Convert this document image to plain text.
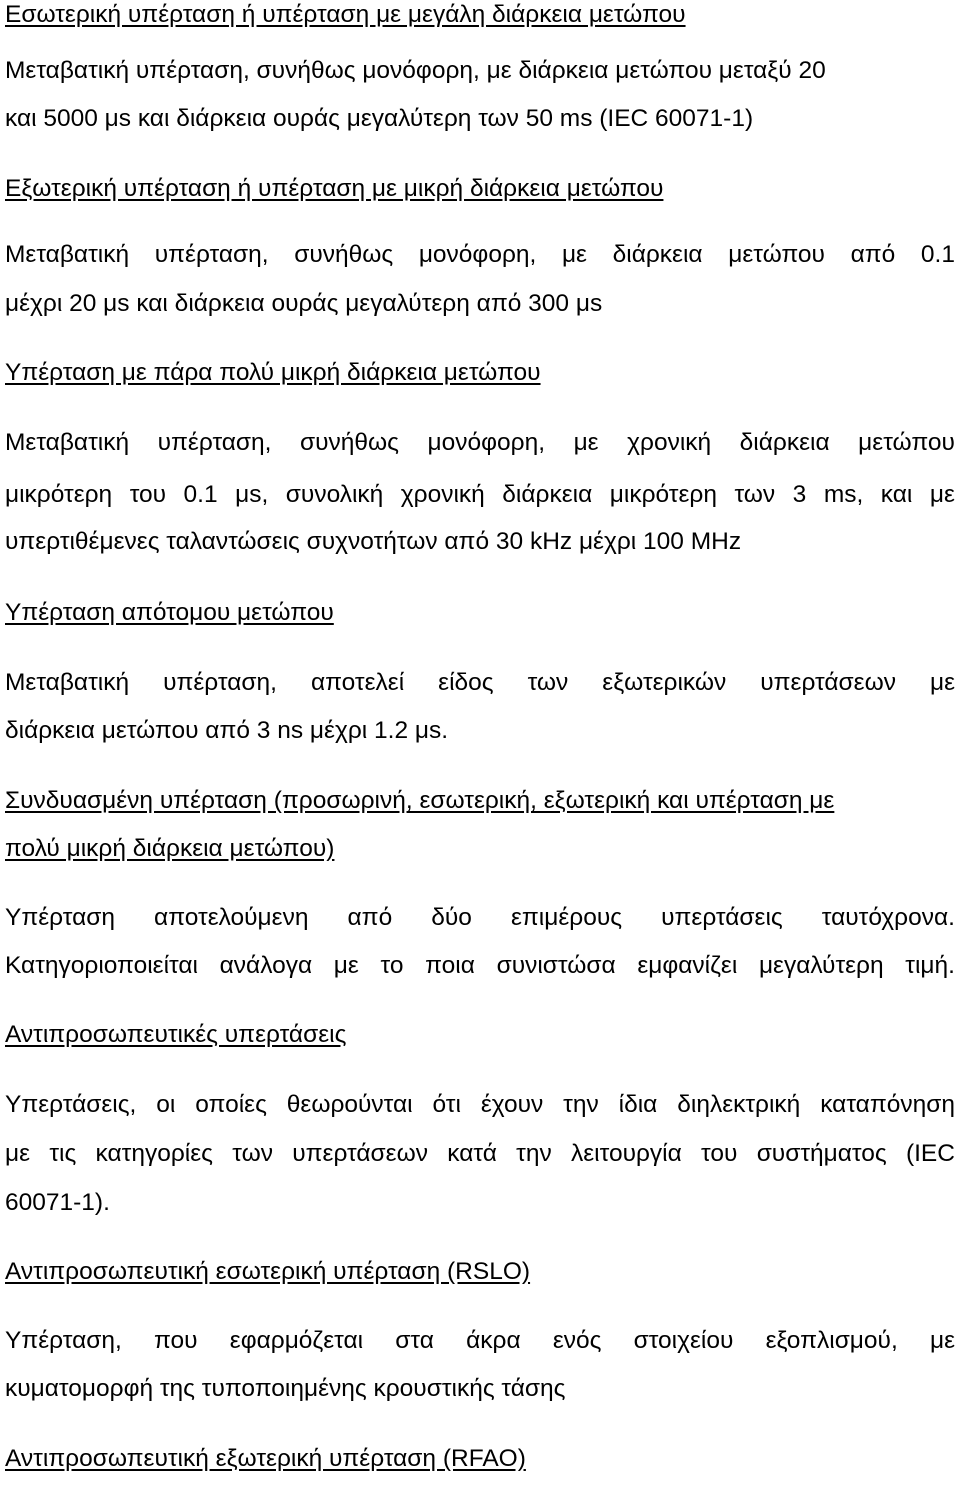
Εσωτερική υπέρταση ή υπέρταση με μεγάλη διάρκεια μετώπου
Μεταβατική υπέρταση, συνήθως μονόφορη, με διάρκεια μετώπου μεταξύ 20
και 5000 μs και διάρκεια ουράς μεγαλύτερη των 50 ms (IEC 60071-1)
Εξωτερική υπέρταση ή υπέρταση με μικρή διάρκεια μετώπου
Μεταβατική υπέρταση, συνήθως μονόφορη, με διάρκεια μετώπου από 0.1
μέχρι 20 μs και διάρκεια ουράς μεγαλύτερη από 300 μs
Υπέρταση με πάρα πολύ μικρή διάρκεια μετώπου
Μεταβατική υπέρταση, συνήθως μονόφορη, με χρονική διάρκεια μετώπου
μικρότερη του 0.1 μs, συνολική χρονική διάρκεια μικρότερη των 3 ms, και με
υπερτιθέμενες ταλαντώσεις συχνοτήτων από 30 kHz μέχρι 100 MHz
Υπέρταση απότομου μετώπου
Μεταβατική υπέρταση, αποτελεί είδος των εξωτερικών υπερτάσεων με
διάρκεια μετώπου από 3 ns μέχρι 1.2 μs.
Συνδυασμένη υπέρταση (προσωρινή, εσωτερική, εξωτερική και υπέρταση με
πολύ μικρή διάρκεια μετώπου)
Υπέρταση αποτελούμενη από δύο επιμέρους υπερτάσεις ταυτόχρονα.
Κατηγοριοποιείται ανάλογα με το ποια συνιστώσα εμφανίζει μεγαλύτερη τιμή.
Αντιπροσωπευτικές υπερτάσεις
Υπερτάσεις, οι οποίες θεωρούνται ότι έχουν την ίδια διηλεκτρική καταπόνηση
με τις κατηγορίες των υπερτάσεων κατά την λειτουργία του συστήματος (IEC
60071-1).
Αντιπροσωπευτική εσωτερική υπέρταση (RSLO)
Υπέρταση, που εφαρμόζεται στα άκρα ενός στοιχείου εξοπλισμού, με
κυματομορφή της τυποποιημένης κρουστικής τάσης
Αντιπροσωπευτική εξωτερική υπέρταση (RFAO)
